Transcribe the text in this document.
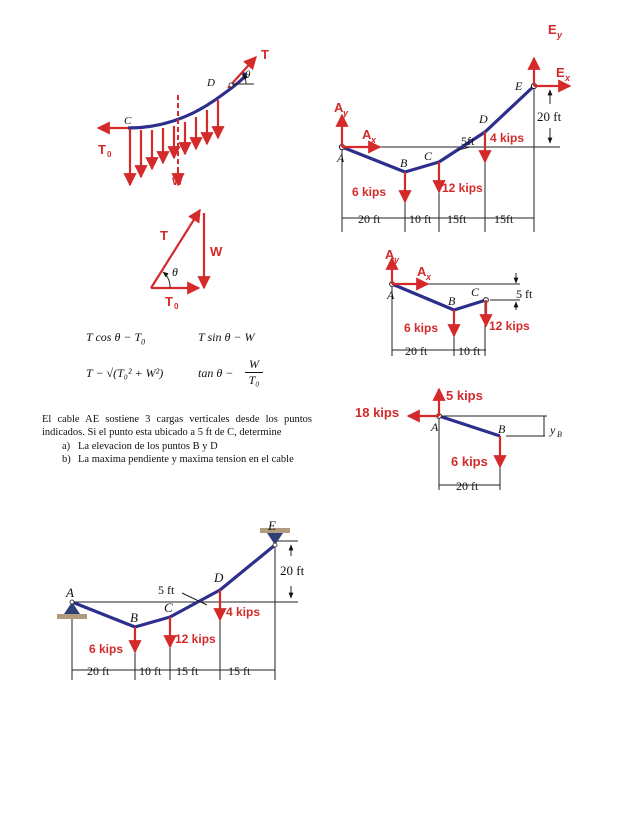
T
θ
D
C
T 0
W
T
W
θ
T 0
E y
E x
A y
A x
A	B C
D
E
20 ft
5ft 4 kips
6 kips	12 kips
20 ft 10 ft 15ft 15ft
A y
A x
A	B
C	5 ft
6 kips	12 kips
20 ft	10 ft
18 kips
5 kips
6 kips
A	B	y B
20 ft
A
B
C
D
E
5 ft
20 ft
4 kips
6 kips
12 kips
20 ft 10 ft 15 ft 15 ft
T $\cos \theta - T_0$	T sin θ − W
T − √(T₀² + W²)	$\tan \theta - \frac{W}{\text{T₀}}$

El cable AE sostiene 3 cargas verticales desde los puntos indicados. Si el punto esta ubicado a 5 ft de C, determine

a) La elevacion de los puntos B y D
b) La maxima pendiente y maxima tension en el cable
